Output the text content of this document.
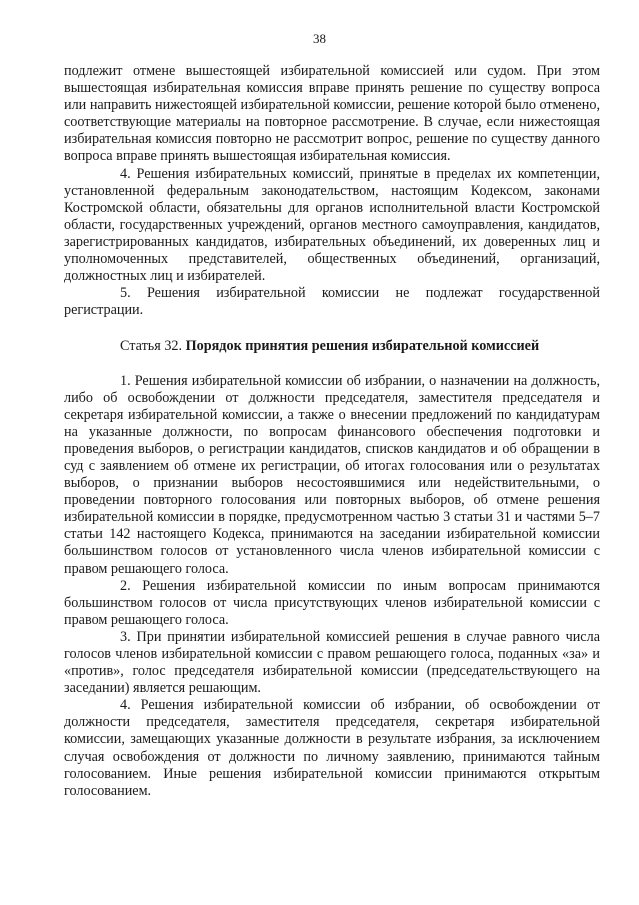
38

подлежит отмене вышестоящей избирательной комиссией или судом. При этом вышестоящая избирательная комиссия вправе принять решение по существу вопроса или направить нижестоящей избирательной комиссии, решение которой было отменено, соответствующие материалы на повторное рассмотрение. В случае, если нижестоящая избирательная комиссия повторно не рассмотрит вопрос, решение по существу данного вопроса вправе принять вышестоящая избирательная комиссия.

4. Решения избирательных комиссий, принятые в пределах их компетенции, установленной федеральным законодательством, настоящим Кодексом, законами Костромской области, обязательны для органов исполнительной власти Костромской области, государственных учреждений, органов местного самоуправления, кандидатов, зарегистрированных кандидатов, избирательных объединений, их доверенных лиц и уполномоченных представителей, общественных объединений, организаций, должностных лиц и избирателей.

5. Решения избирательной комиссии не подлежат государственной регистрации.

Статья 32. Порядок принятия решения избирательной комиссией

1. Решения избирательной комиссии об избрании, о назначении на должность, либо об освобождении от должности председателя, заместителя председателя и секретаря избирательной комиссии, а также о внесении предложений по кандидатурам на указанные должности, по вопросам финансового обеспечения подготовки и проведения выборов, о регистрации кандидатов, списков кандидатов и об обращении в суд с заявлением об отмене их регистрации, об итогах голосования или о результатах выборов, о признании выборов несостоявшимися или недействительными, о проведении повторного голосования или повторных выборов, об отмене решения избирательной комиссии в порядке, предусмотренном частью 3 статьи 31 и частями 5–7 статьи 142 настоящего Кодекса, принимаются на заседании избирательной комиссии большинством голосов от установленного числа членов избирательной комиссии с правом решающего голоса.

2. Решения избирательной комиссии по иным вопросам принимаются большинством голосов от числа присутствующих членов избирательной комиссии с правом решающего голоса.

3. При принятии избирательной комиссией решения в случае равного числа голосов членов избирательной комиссии с правом решающего голоса, поданных «за» и «против», голос председателя избирательной комиссии (председательствующего на заседании) является решающим.

4. Решения избирательной комиссии об избрании, об освобождении от должности председателя, заместителя председателя, секретаря избирательной комиссии, замещающих указанные должности в результате избрания, за исключением случая освобождения от должности по личному заявлению, принимаются тайным голосованием. Иные решения избирательной комиссии принимаются открытым голосованием.
